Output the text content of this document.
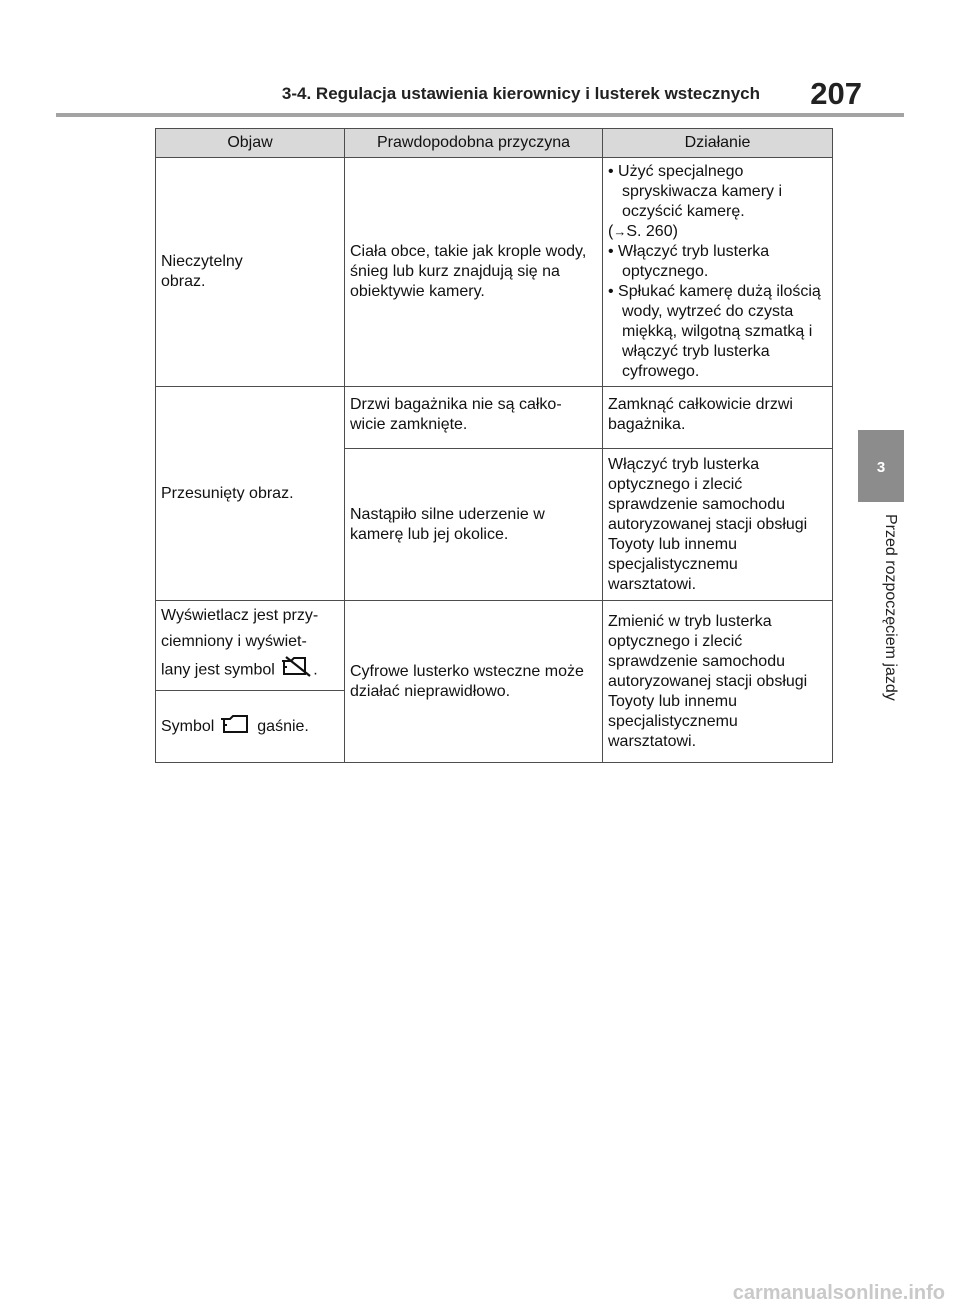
3-4. Regulacja ustawienia kierownicy i lusterek wstecznych	207
3
Przed rozpoczęciem jazdy
Objaw	Prawdopodobna przyczyna	Działanie
Nieczytelny
obraz.	Ciała obce, takie jak krople wody, śnieg lub kurz znajdują się na obiektywie kamery.	• Użyć specjalnego spryskiwacza kamery i oczyścić kamerę.
(→S. 260)
• Włączyć tryb lusterka optycznego.
• Spłukać kamerę dużą ilością wody, wytrzeć do czysta miękką, wilgotną szmatką i włączyć tryb lusterka cyfrowego.

Przesunięty obraz.	Drzwi bagażnika nie są całko-wicie zamknięte.	Zamknąć całkowicie drzwi bagażnika.
	Nastąpiło silne uderzenie w kamerę lub jej okolice.	Włączyć tryb lusterka optycznego i zlecić sprawdzenie samochodu autoryzowanej stacji obsługi Toyoty lub innemu specjalistycznemu warsztatowi.

Wyświetlacz jest przy-
ciemniony i wyświet-
lany jest symbol .	Cyfrowe lusterko wsteczne może działać nieprawidłowo.	Zmienić w tryb lusterka optycznego i zlecić sprawdzenie samochodu autoryzowanej stacji obsługi Toyoty lub innemu specjalistycznemu warsztatowi.
Symbol gaśnie.		
carmanualsonline.info
